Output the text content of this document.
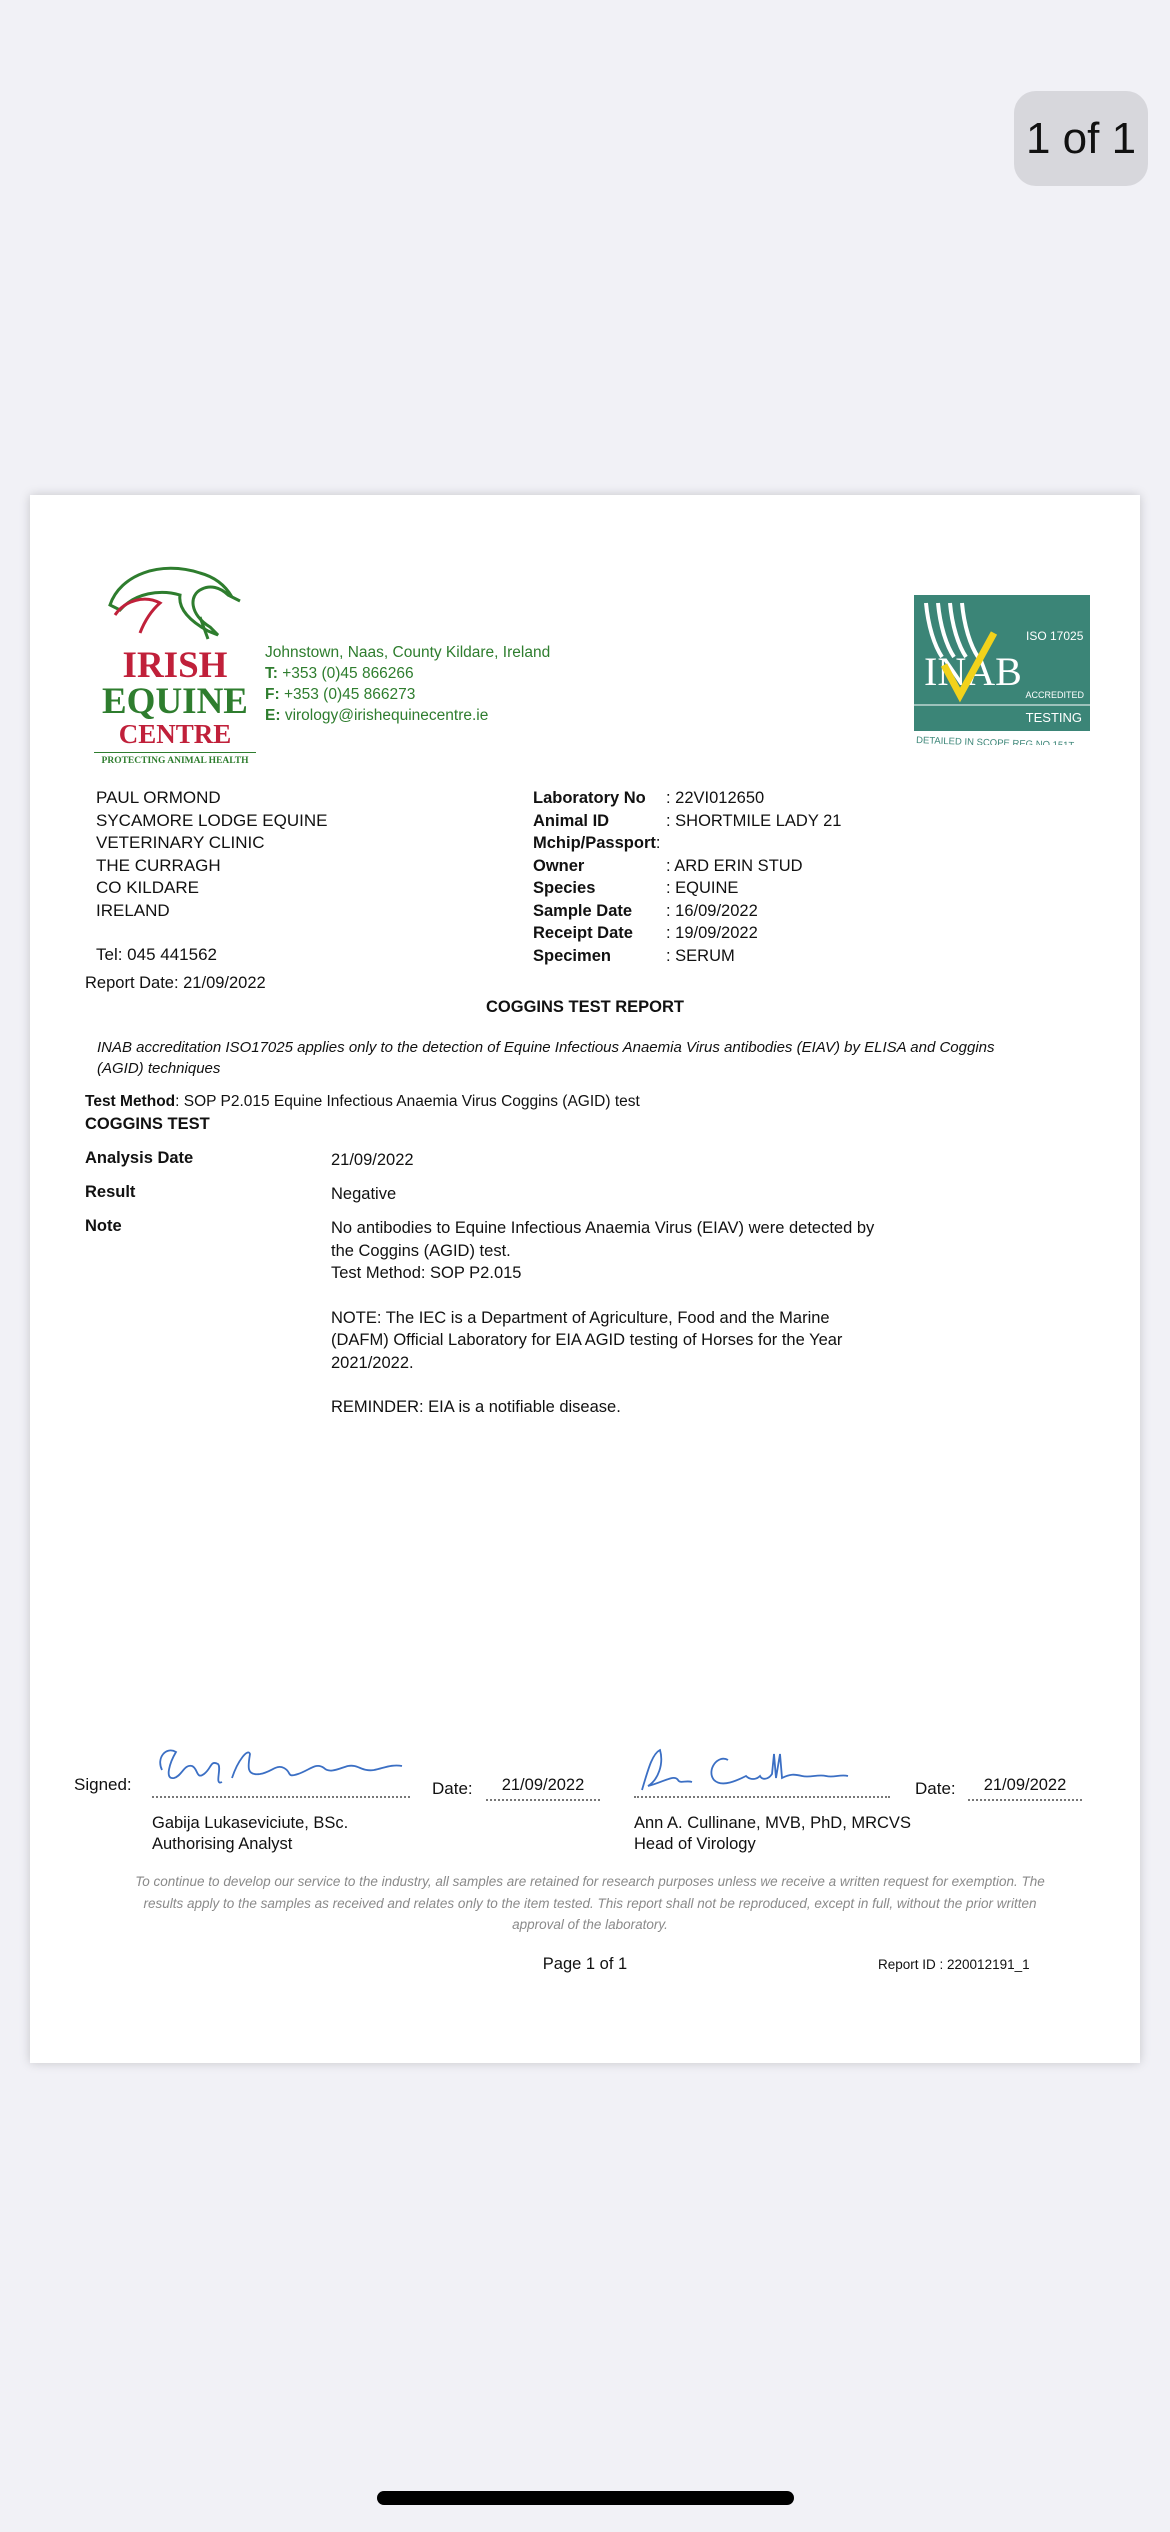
1 of 1
IRISH
EQUINE
CENTRE
PROTECTING ANIMAL HEALTH
Johnstown, Naas, County Kildare, Ireland
T: +353 (0)45 866266
F: +353 (0)45 866273
E: virology@irishequinecentre.ie
ISO 17025
INAB
ACCREDITED
TESTING
DETAILED IN SCOPE REG NO.151T
PAUL ORMOND
SYCAMORE LODGE EQUINE
VETERINARY CLINIC
THE CURRAGH
CO KILDARE
IRELAND
Tel: 045 441562
Laboratory No	: 22VI012650
Animal ID	: SHORTMILE LADY 21
Mchip/Passport :
Owner	: ARD ERIN STUD
Species	: EQUINE
Sample Date	: 16/09/2022
Receipt Date	: 19/09/2022
Specimen	: SERUM
Report Date: 21/09/2022
COGGINS TEST REPORT
INAB accreditation ISO17025 applies only to the detection of Equine Infectious Anaemia Virus antibodies (EIAV) by ELISA and Coggins (AGID) techniques
Test Method: SOP P2.015 Equine Infectious Anaemia Virus Coggins (AGID) test
COGGINS TEST
Analysis Date	21/09/2022
Result	Negative
Note	No antibodies to Equine Infectious Anaemia Virus (EIAV) were detected by the Coggins (AGID) test.
Test Method: SOP P2.015
NOTE: The IEC is a Department of Agriculture, Food and the Marine (DAFM) Official Laboratory for EIA AGID testing of Horses for the Year 2021/2022.
REMINDER: EIA is a notifiable disease.
Signed:	Date:	21/09/2022	Date:	21/09/2022
Gabija Lukaseviciute, BSc.
Authorising Analyst
Ann A. Cullinane, MVB, PhD, MRCVS
Head of Virology
To continue to develop our service to the industry, all samples are retained for research purposes unless we receive a written request for exemption. The results apply to the samples as received and relates only to the item tested. This report shall not be reproduced, except in full, without the prior written approval of the laboratory.
Page 1 of 1	Report ID : 220012191_1
